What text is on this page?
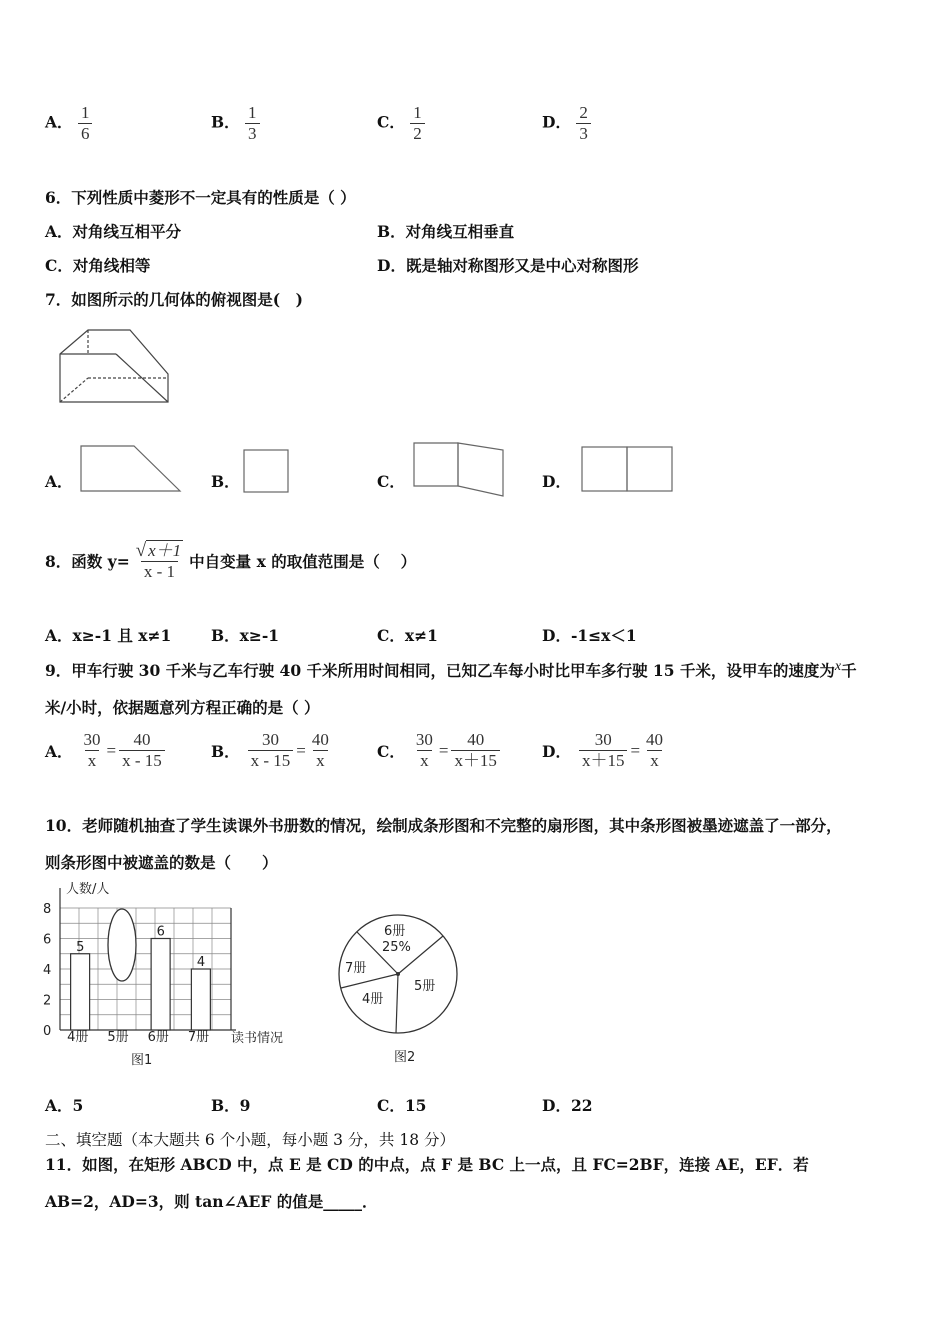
A． $\frac{1}{6}$	B． $\frac{1}{3}$	C． $\frac{1}{2}$	D． $\frac{2}{3}$
6．下列性质中菱形不一定具有的性质是（ ）
A．对角线互相平分	B．对角线互相垂直
C．对角线相等	D．既是轴对称图形又是中心对称图形
7．如图所示的几何体的俯视图是(　)
A．	B．	C．	D．
8．函数 $y= \frac{√ x+1}{x - 1}$ 中自变量 x 的取值范围是（　 ）
A．x≥-1 且 x≠1	B．x≥-1	C．x≠1	D．-1≤x＜1
9．甲车行驶 30 千米与乙车行驶 40 千米所用时间相同，已知乙车每小时比甲车多行驶 15 千米，设甲车的速度为x千
米/小时，依据题意列方程正确的是（ ）
A． $\frac{30}{x} = \frac{40}{x - 15}$	B． $\frac{30}{x - 15} = \frac{40}{x}$	C． $\frac{30}{x} = \frac{40}{x+15}$	D． $\frac{30}{x+15} = \frac{40}{x}$
10．老师随机抽查了学生读课外书册数的情况，绘制成条形图和不完整的扇形图，其中条形图被墨迹遮盖了一部分，
则条形图中被遮盖的数是（　　）
人数/人
读书情况
0
2
4
6
8
4册 5册 6册 7册
5
6
4
图1
6册
25%
5册
4册
7册
图2
A．5	B．9	C．15	D．22
二、填空题（本大题共 6 个小题，每小题 3 分，共 18 分）
11．如图，在矩形 ABCD 中，点 E 是 CD 的中点，点 F 是 BC 上一点，且 FC=2BF，连接 AE，EF．若
AB=2，AD=3，则 tan∠AEF 的值是_____．
